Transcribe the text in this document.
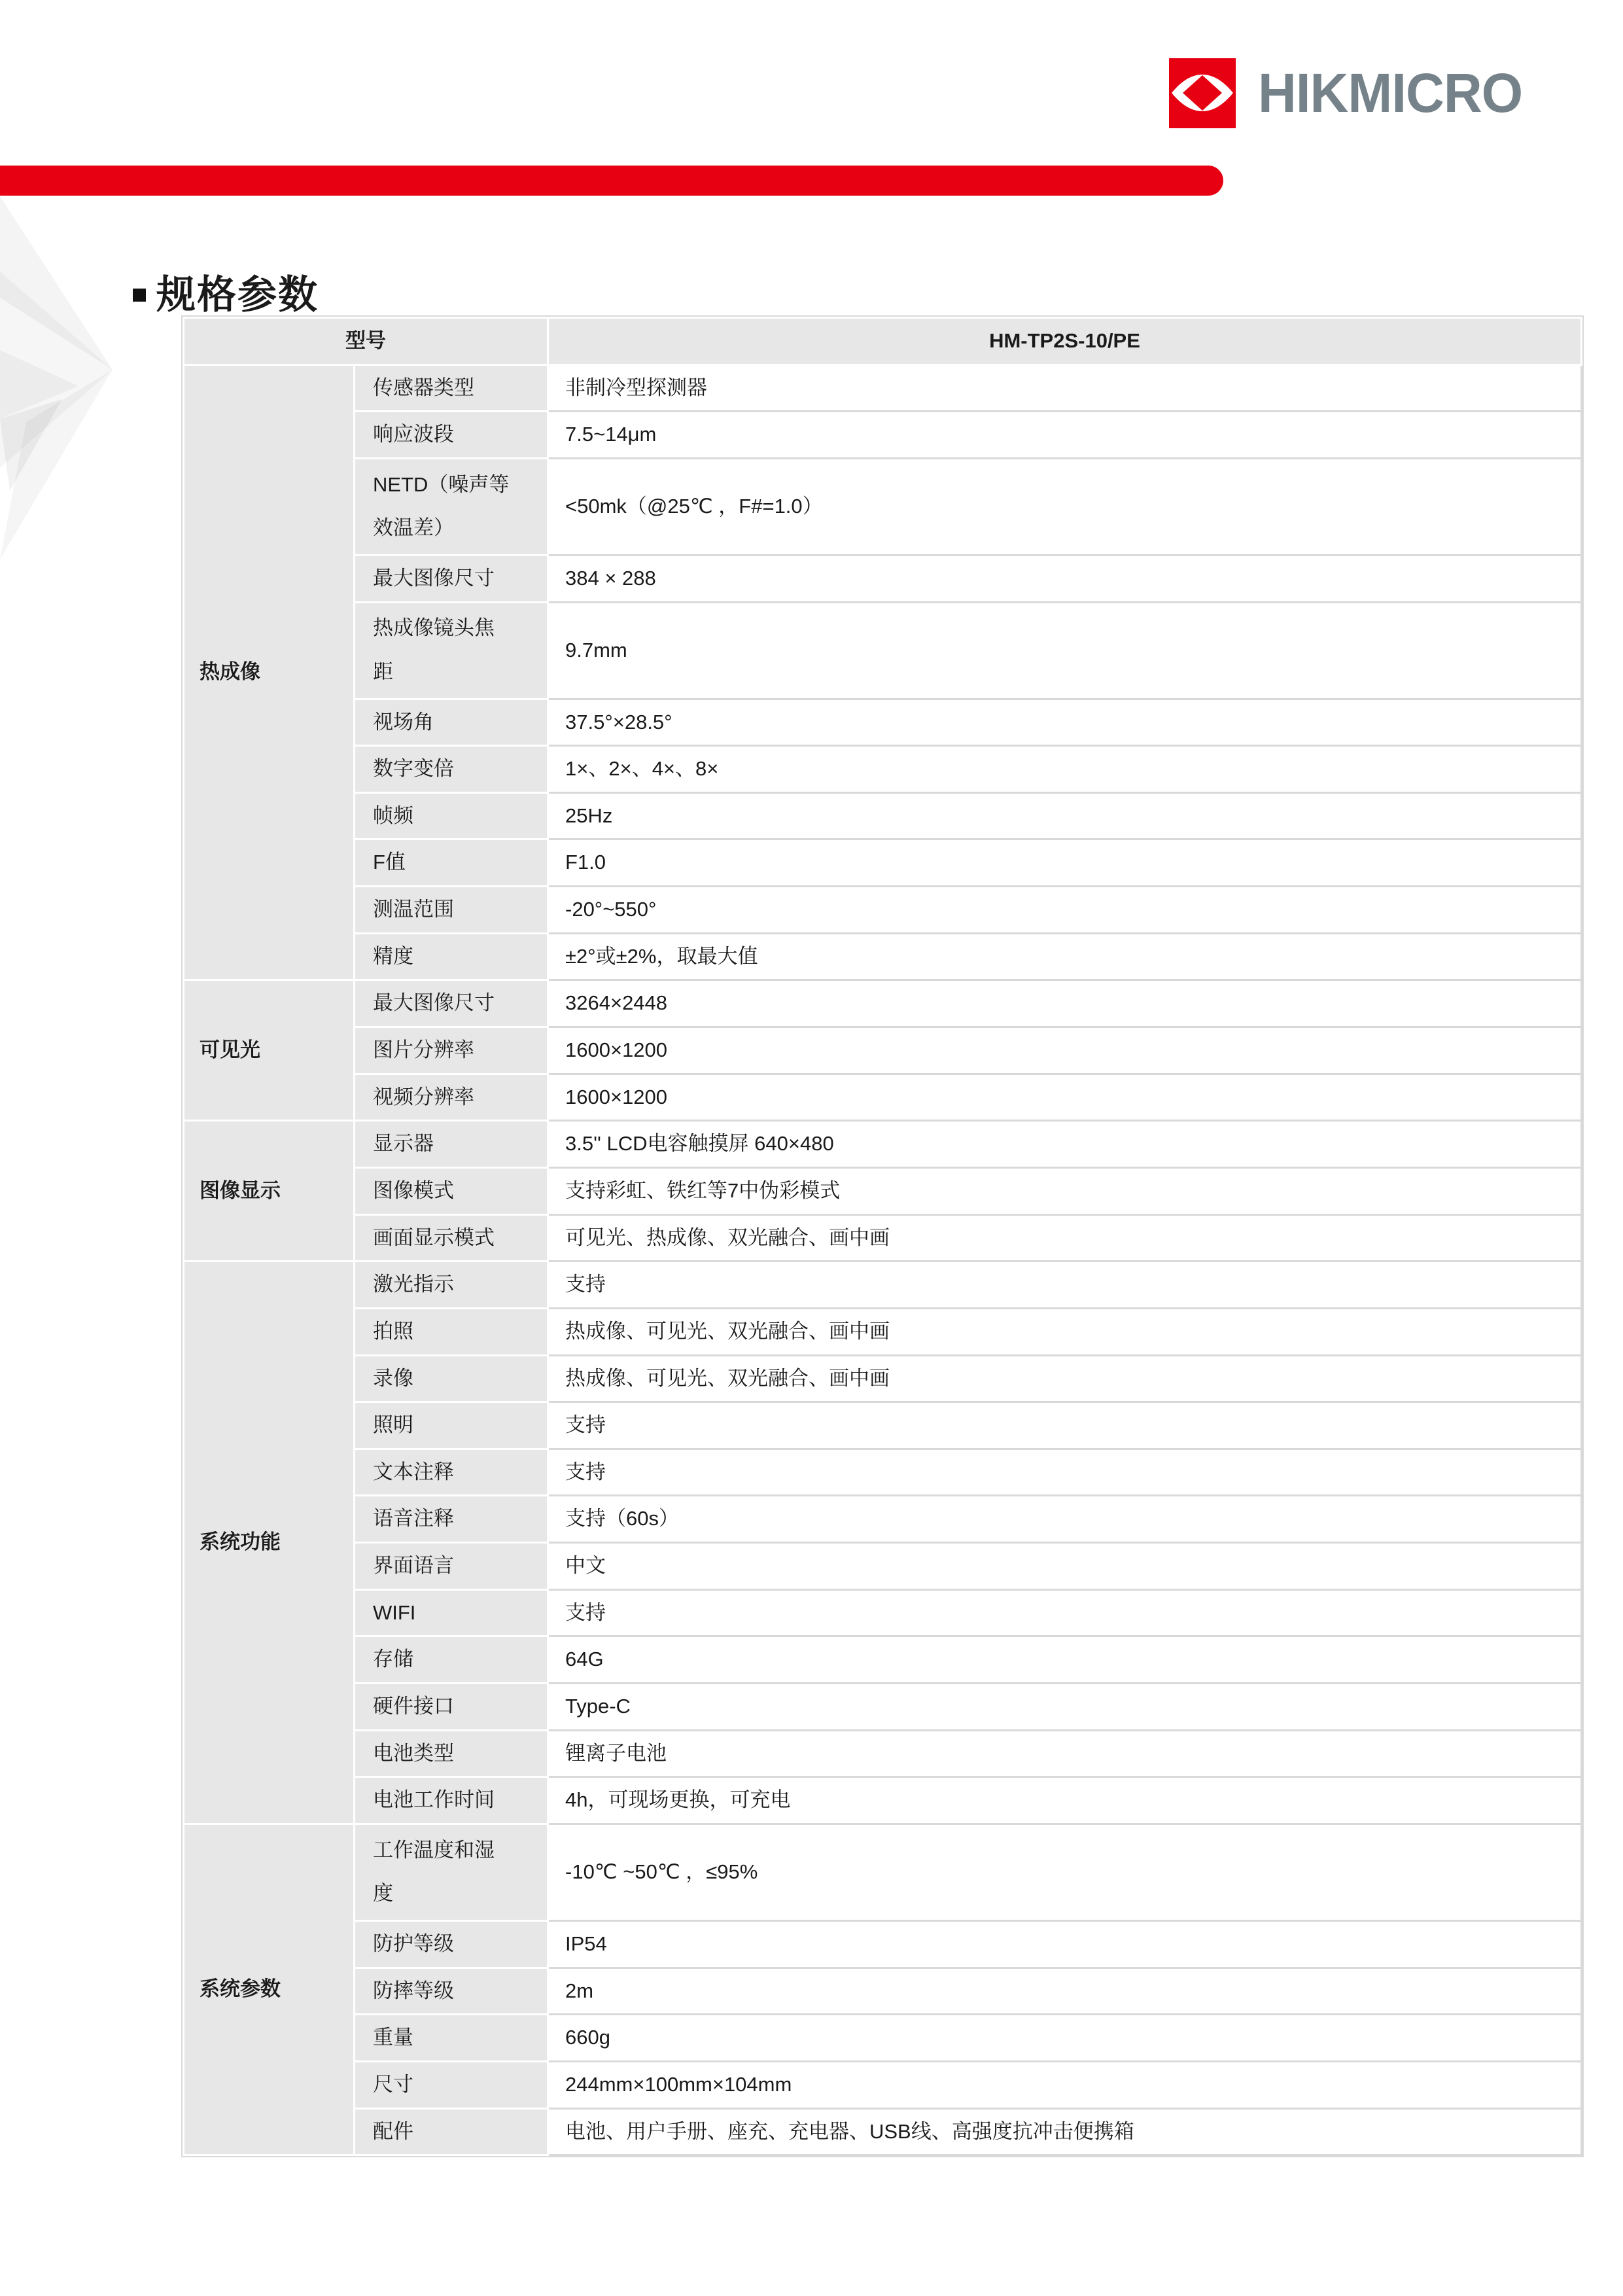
HIKMICRO
规格参数
型号		HM-TP2S-10/PE
热成像	传感器类型	非制冷型探测器
	响应波段	7.5~14μm
	NETD（噪声等效温差）	<50mk（@25℃ ，F#=1.0）
	最大图像尺寸	384 × 288
	热成像镜头焦距	9.7mm
	视场角	37.5°×28.5°
	数字变倍	1×、2×、4×、8×
	帧频	25Hz
	F值	F1.0
	测温范围	-20°~550°
	精度	±2°或±2%，取最大值
可见光	最大图像尺寸	3264×2448
	图片分辨率	1600×1200
	视频分辨率	1600×1200
图像显示	显示器	3.5'' LCD电容触摸屏 640×480
	图像模式	支持彩虹、铁红等7中伪彩模式
	画面显示模式	可见光、热成像、双光融合、画中画
系统功能	激光指示	支持
	拍照	热成像、可见光、双光融合、画中画
	录像	热成像、可见光、双光融合、画中画
	照明	支持
	文本注释	支持
	语音注释	支持（60s）
	界面语言	中文
	WIFI	支持
	存储	64G
	硬件接口	Type-C
	电池类型	锂离子电池
	电池工作时间	4h，可现场更换，可充电
系统参数	工作温度和湿度	-10℃ ~50℃ ，≤95%
	防护等级	IP54
	防摔等级	2m
	重量	660g
	尺寸	244mm×100mm×104mm
	配件	电池、用户手册、座充、充电器、USB线、高强度抗冲击便携箱
